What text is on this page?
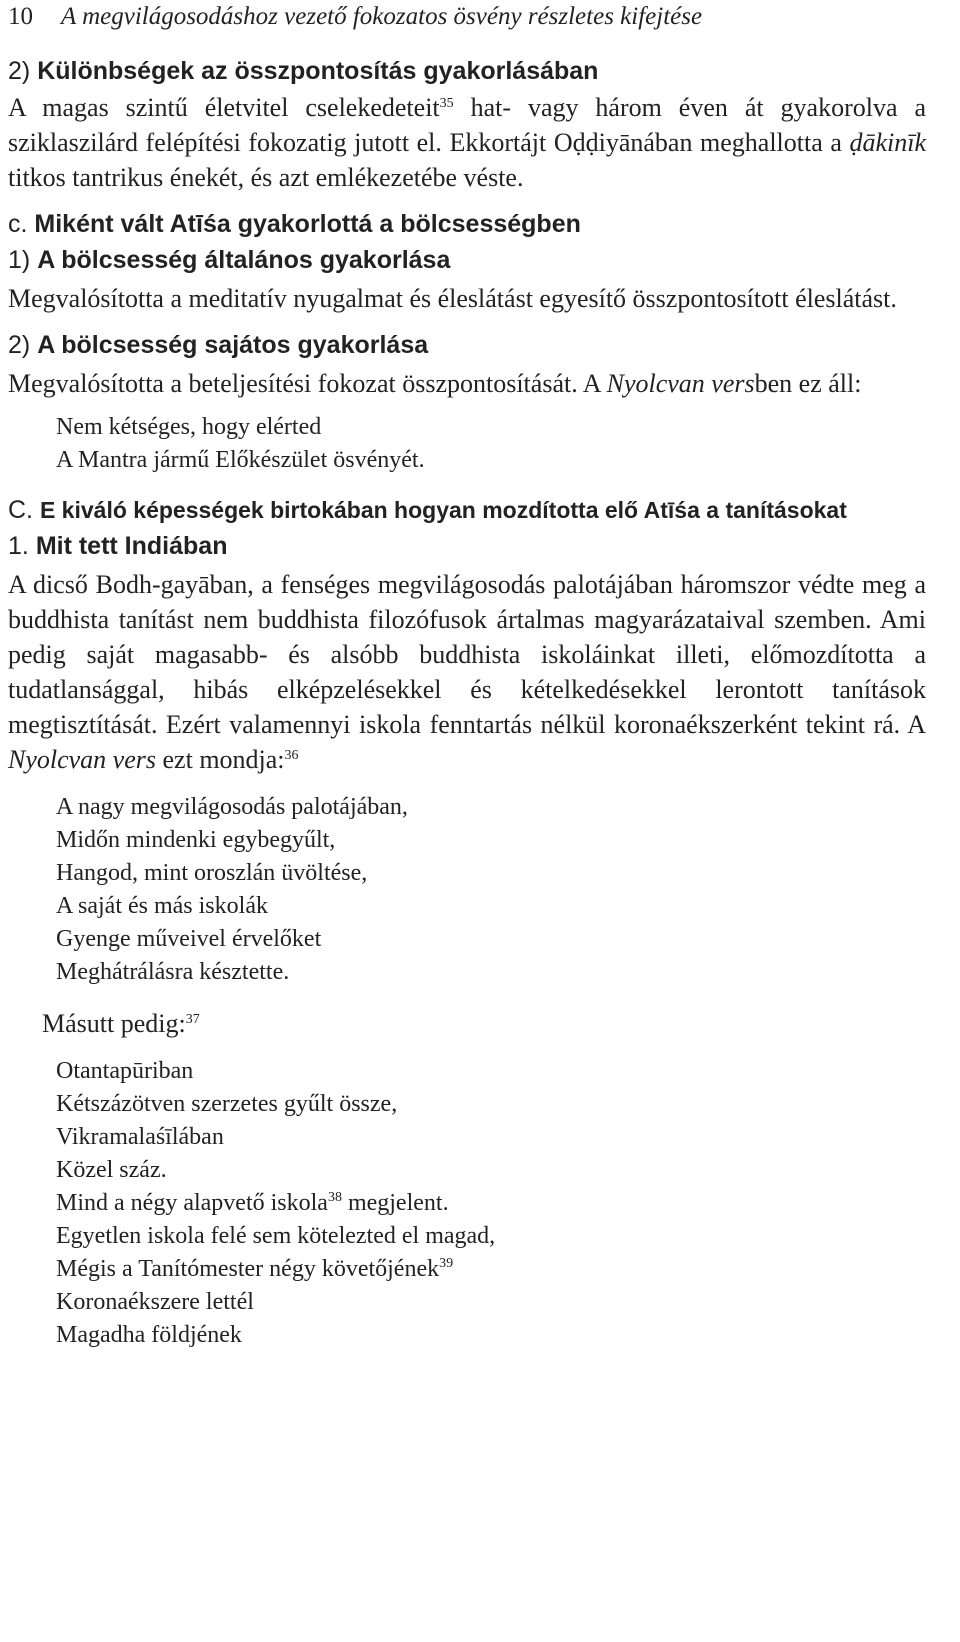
10 A megvilágosodáshoz vezető fokozatos ösvény részletes kifejtése
2) Különbségek az összpontosítás gyakorlásában

A magas szintű életvitel cselekedeteit$^{35}$ hat- vagy három éven át gyakorolva a sziklaszilárd felépítési fokozatig jutott el. Ekkortájt Oḍḍiyānában meghallotta a ḍākinīk titkos tantrikus énekét, és azt emlékezetébe véste.

c. Miként vált Atīśa gyakorlottá a bölcsességben
1) A bölcsesség általános gyakorlása

Megvalósította a meditatív nyugalmat és éleslátást egyesítő összpontosított éleslátást.

2) A bölcsesség sajátos gyakorlása

Megvalósította a beteljesítési fokozat összpontosítását. A Nyolcvan versben ez áll:

Nem kétséges, hogy elérted
A Mantra jármű Előkészület ösvényét.
C. E kiváló képességek birtokában hogyan mozdította elő Atīśa a tanításokat
1. Mit tett Indiában

A dicső Bodh-gayāban, a fenséges megvilágosodás palotájában háromszor védte meg a buddhista tanítást nem buddhista filozófusok ártalmas magyarázataival szemben. Ami pedig saját magasabb- és alsóbb buddhista iskoláinkat illeti, előmozdította a tudatlansággal, hibás elképzelésekkel és kételkedésekkel lerontott tanítások megtisztítását. Ezért valamennyi iskola fenntartás nélkül koronaékszerként tekint rá. A Nyolcvan vers ezt mondja:$^{36}$

A nagy megvilágosodás palotájában,
Midőn mindenki egybegyűlt,
Hangod, mint oroszlán üvöltése,
A saját és más iskolák
Gyenge műveivel érvelőket
Meghátrálásra késztette.
Másutt pedig:$^{37}$
Otantapūriban
Kétszázötven szerzetes gyűlt össze,
Vikramalaśīlában
Közel száz.
Mind a négy alapvető iskola$^{38}$ megjelent.
Egyetlen iskola felé sem kötelezted el magad,
Mégis a Tanítómester négy követőjének$^{39}$
Koronaékszere lettél
Magadha földjének
